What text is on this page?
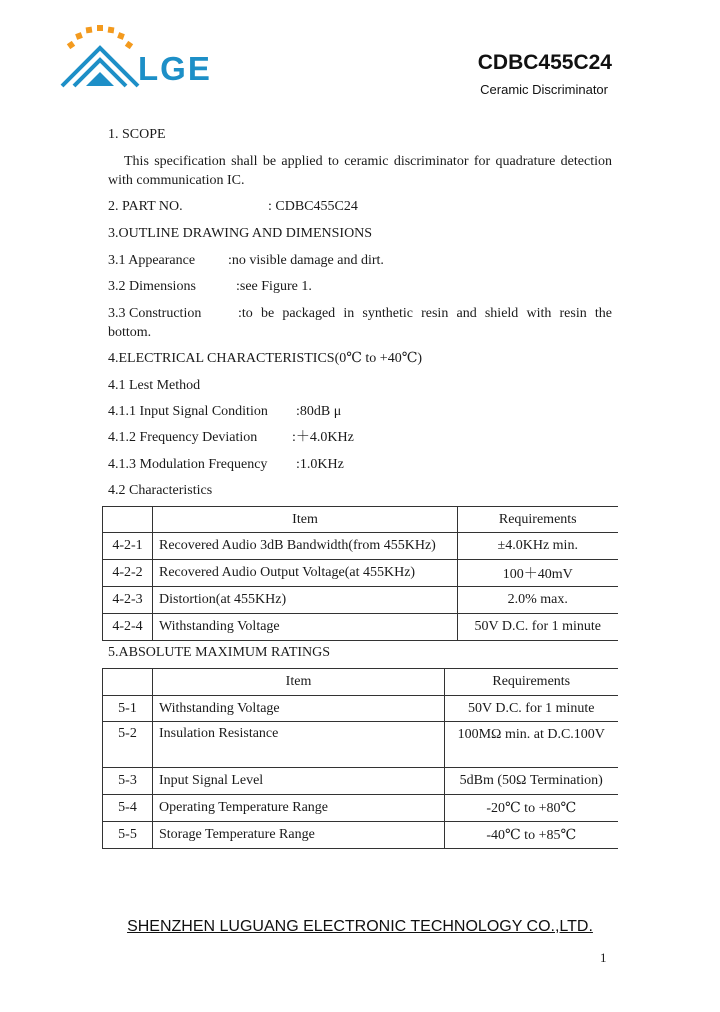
LGE	CDBC455C24
Ceramic Discriminator
1. SCOPE
This specification shall be applied to ceramic discriminator for quadrature detection with communication IC.
2. PART NO.	: CDBC455C24
3.OUTLINE DRAWING AND DIMENSIONS
3.1 Appearance :no visible damage and dirt.
3.2 Dimensions	:see Figure 1.
3.3 Construction	:to be packaged in synthetic resin and shield with resin the bottom.
4.ELECTRICAL CHARACTERISTICS(0℃ to +40℃)
4.1 Lest Method
4.1.1 Input Signal Condition :80dB μ
4.1.2 Frequency Deviation :＋4.0KHz
4.1.3 Modulation Frequency :1.0KHz
4.2 Characteristics
	Item	Requirements
4-2-1	Recovered Audio 3dB Bandwidth(from 455KHz)	±4.0KHz min.
4-2-2	Recovered Audio Output Voltage(at 455KHz)	100＋40mV
4-2-3	Distortion(at 455KHz)	2.0% max.
4-2-4	Withstanding Voltage	50V D.C. for 1 minute
5.ABSOLUTE MAXIMUM RATINGS
	Item	Requirements
5-1	Withstanding Voltage	50V D.C. for 1 minute
5-2	Insulation Resistance	100MΩ min. at D.C.100V
5-3	Input Signal Level	5dBm (50Ω Termination)
5-4	Operating Temperature Range	-20℃ to +80℃
5-5	Storage Temperature Range	-40℃ to +85℃
SHENZHEN LUGUANG ELECTRONIC TECHNOLOGY CO.,LTD.
1
